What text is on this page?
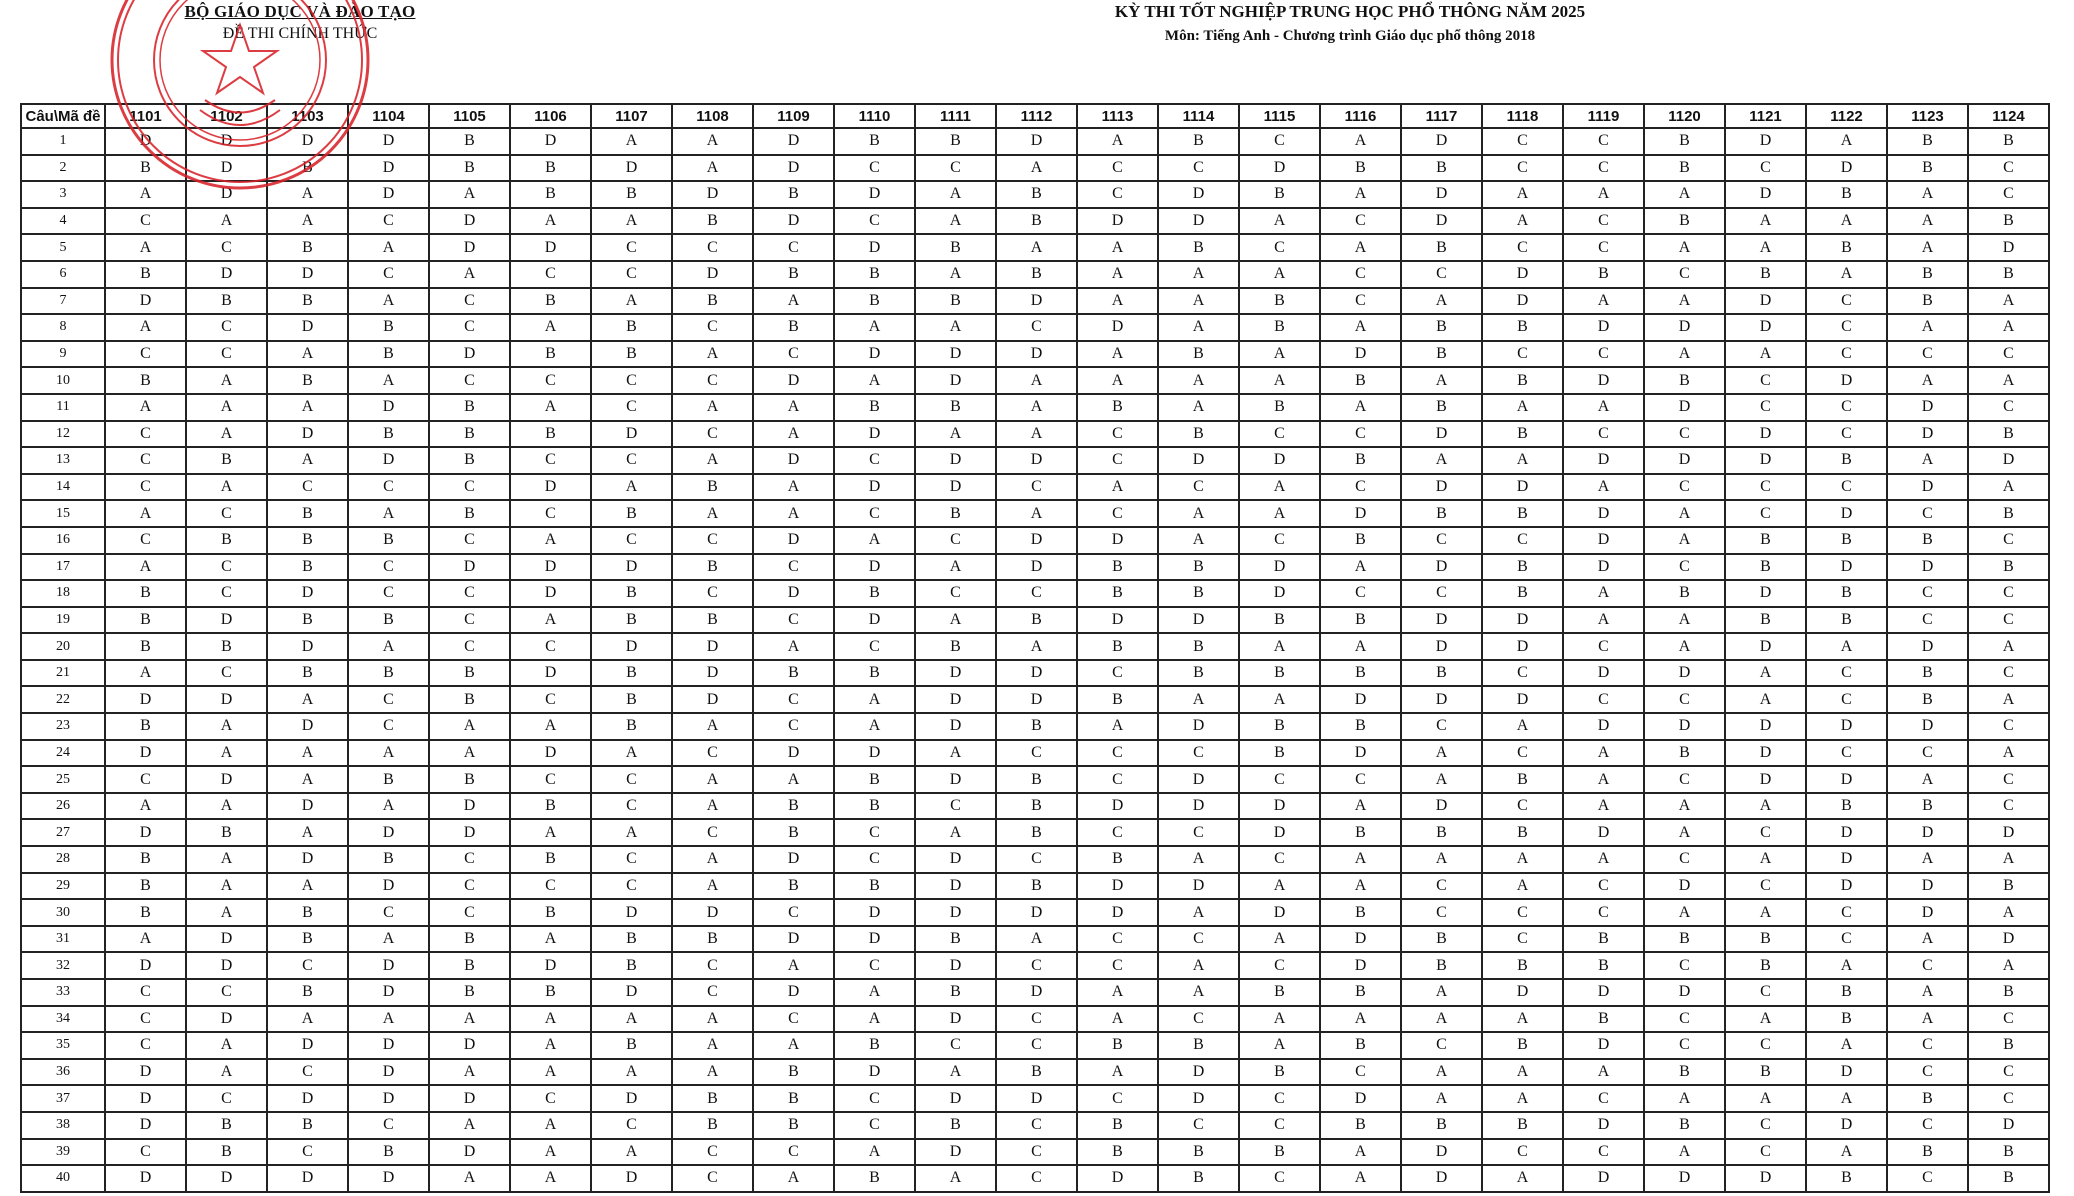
BỘ GIÁO DỤC VÀ ĐÀO TẠO
ĐỀ THI CHÍNH THỨC
KỲ THI TỐT NGHIỆP TRUNG HỌC PHỔ THÔNG NĂM 2025
Môn: Tiếng Anh - Chương trình Giáo dục phổ thông 2018
Câu\Mã đề	1101	1102	1103	1104	1105	1106	1107	1108	1109	1110	1111	1112	1113	1114	1115	1116	1117	1118	1119	1120	1121	1122	1123	1124
1	D	D	D	D	B	D	A	A	D	B	B	D	A	B	C	A	D	C	C	B	D	A	B	B
2	B	D	B	D	B	B	D	A	D	C	C	A	C	C	D	B	B	C	C	B	C	D	B	C
3	A	D	A	D	A	B	B	D	B	D	A	B	C	D	B	A	D	A	A	A	D	B	A	C
4	C	A	A	C	D	A	A	B	D	C	A	B	D	D	A	C	D	A	C	B	A	A	A	B
5	A	C	B	A	D	D	C	C	C	D	B	A	A	B	C	A	B	C	C	A	A	B	A	D
6	B	D	D	C	A	C	C	D	B	B	A	B	A	A	A	C	C	D	B	C	B	A	B	B
7	D	B	B	A	C	B	A	B	A	B	B	D	A	A	B	C	A	D	A	A	D	C	B	A
8	A	C	D	B	C	A	B	C	B	A	A	C	D	A	B	A	B	B	D	D	D	C	A	A
9	C	C	A	B	D	B	B	A	C	D	D	D	A	B	A	D	B	C	C	A	A	C	C	C
10	B	A	B	A	C	C	C	C	D	A	D	A	A	A	A	B	A	B	D	B	C	D	A	A
11	A	A	A	D	B	A	C	A	A	B	B	A	B	A	B	A	B	A	A	D	C	C	D	C
12	C	A	D	B	B	B	D	C	A	D	A	A	C	B	C	C	D	B	C	C	D	C	D	B
13	C	B	A	D	B	C	C	A	D	C	D	D	C	D	D	B	A	A	D	D	D	B	A	D
14	C	A	C	C	C	D	A	B	A	D	D	C	A	C	A	C	D	D	A	C	C	C	D	A
15	A	C	B	A	B	C	B	A	A	C	B	A	C	A	A	D	B	B	D	A	C	D	C	B
16	C	B	B	B	C	A	C	C	D	A	C	D	D	A	C	B	C	C	D	A	B	B	B	C
17	A	C	B	C	D	D	D	B	C	D	A	D	B	B	D	A	D	B	D	C	B	D	D	B
18	B	C	D	C	C	D	B	C	D	B	C	C	B	B	D	C	C	B	A	B	D	B	C	C
19	B	D	B	B	C	A	B	B	C	D	A	B	D	D	B	B	D	D	A	A	B	B	C	C
20	B	B	D	A	C	C	D	D	A	C	B	A	B	B	A	A	D	D	C	A	D	A	D	A
21	A	C	B	B	B	D	B	D	B	B	D	D	C	B	B	B	B	C	D	D	A	C	B	C
22	D	D	A	C	B	C	B	D	C	A	D	D	B	A	A	D	D	D	C	C	A	C	B	A
23	B	A	D	C	A	A	B	A	C	A	D	B	A	D	B	B	C	A	D	D	D	D	D	C
24	D	A	A	A	A	D	A	C	D	D	A	C	C	C	B	D	A	C	A	B	D	C	C	A
25	C	D	A	B	B	C	C	A	A	B	D	B	C	D	C	C	A	B	A	C	D	D	A	C
26	A	A	D	A	D	B	C	A	B	B	C	B	D	D	D	A	D	C	A	A	A	B	B	C
27	D	B	A	D	D	A	A	C	B	C	A	B	C	C	D	B	B	B	D	A	C	D	D	D
28	B	A	D	B	C	B	C	A	D	C	D	C	B	A	C	A	A	A	A	C	A	D	A	A
29	B	A	A	D	C	C	C	A	B	B	D	B	D	D	A	A	C	A	C	D	C	D	D	B
30	B	A	B	C	C	B	D	D	C	D	D	D	D	A	D	B	C	C	C	A	A	C	D	A
31	A	D	B	A	B	A	B	B	D	D	B	A	C	C	A	D	B	C	B	B	B	C	A	D
32	D	D	C	D	B	D	B	C	A	C	D	C	C	A	C	D	B	B	B	C	B	A	C	A
33	C	C	B	D	B	B	D	C	D	A	B	D	A	A	B	B	A	D	D	D	C	B	A	B
34	C	D	A	A	A	A	A	A	C	A	D	C	A	C	A	A	A	A	B	C	A	B	A	C
35	C	A	D	D	D	A	B	A	A	B	C	C	B	B	A	B	C	B	D	C	C	A	C	B
36	D	A	C	D	A	A	A	A	B	D	A	B	A	D	B	C	A	A	A	B	B	D	C	C
37	D	C	D	D	D	C	D	B	B	C	D	D	C	D	C	D	A	A	C	A	A	A	B	C
38	D	B	B	C	A	A	C	B	B	C	B	C	B	C	C	B	B	B	D	B	C	D	C	D
39	C	B	C	B	D	A	A	C	C	A	D	C	B	B	B	A	D	C	C	A	C	A	B	B
40	D	D	D	D	A	A	D	C	A	B	A	C	D	B	C	A	D	A	D	D	D	B	C	B
